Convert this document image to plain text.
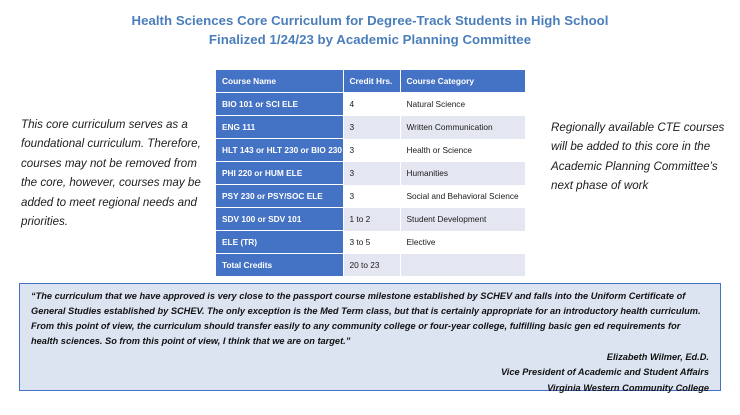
Health Sciences Core Curriculum for Degree-Track Students in High School
Finalized 1/24/23 by Academic Planning Committee
This core curriculum serves as a foundational curriculum. Therefore, courses may not be removed from the core, however, courses may be added to meet regional needs and priorities.
Regionally available CTE courses will be added to this core in the Academic Planning Committee’s next phase of work
Course Name	Credit Hrs.	Course Category
BIO 101 or SCI ELE	4	Natural Science
ENG 111	3	Written Communication
HLT 143 or HLT 230 or BIO 230	3	Health or Science
PHI 220 or HUM ELE	3	Humanities
PSY 230 or PSY/SOC ELE	3	Social and Behavioral Science
SDV 100 or SDV 101	1 to 2	Student Development
ELE (TR)	3 to 5	Elective
Total Credits	20 to 23	
“The curriculum that we have approved is very close to the passport course milestone established by SCHEV and falls into the Uniform Certificate of General Studies established by SCHEV. The only exception is the Med Term class, but that is certainly appropriate for an introductory health curriculum. From this point of view, the curriculum should transfer easily to any community college or four-year college, fulfilling basic gen ed requirements for health sciences. So from this point of view, I think that we are on target.”
Elizabeth Wilmer, Ed.D.
Vice President of Academic and Student Affairs
Virginia Western Community College
